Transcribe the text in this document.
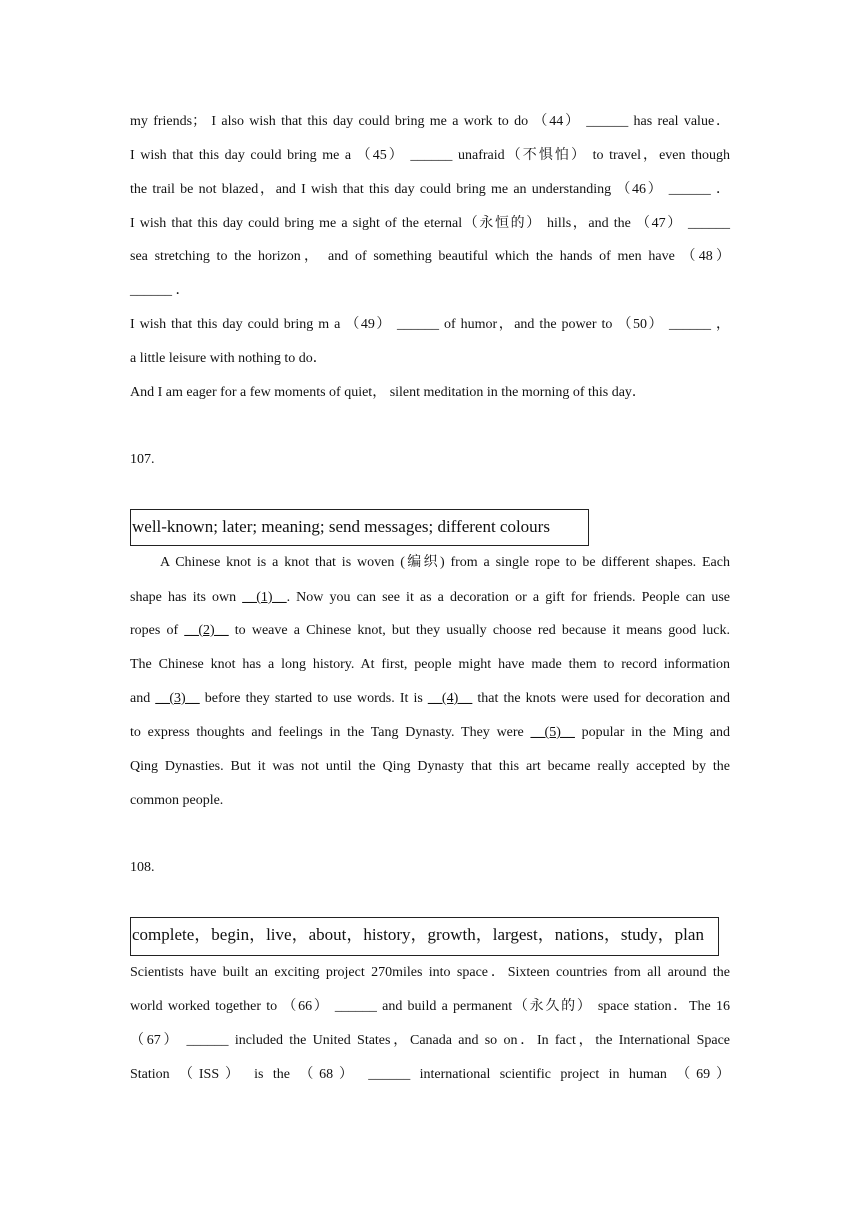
my friends； I also wish that this day could bring me a work to do （44） ______ has real value．
I wish that this day could bring me a （45） ______ unafraid（不惧怕） to travel，even though
the trail be not blazed，and I wish that this day could bring me an understanding （46） ______ ．
I wish that this day could bring me a sight of the eternal（永恒的） hills，and the （47） ______
sea stretching to the horizon， and of something beautiful which the hands of men have （48）
______ ．
I wish that this day could bring m a （49） ______ of humor，and the power to （50） ______ ，
a little leisure with nothing to do．
And I am eager for a few moments of quiet， silent meditation in the morning of this day．
107.
well-known; later; meaning; send messages; different colours
A Chinese knot is a knot that is woven (编织) from a single rope to be different shapes. Each
shape has its own __(1)__. Now you can see it as a decoration or a gift for friends. People can use
ropes of __(2)__ to weave a Chinese knot, but they usually choose red because it means good luck.
The Chinese knot has a long history. At first, people might have made them to record information
and __(3)__ before they started to use words. It is __(4)__ that the knots were used for decoration and
to express thoughts and feelings in the Tang Dynasty. They were __(5)__ popular in the Ming and
Qing Dynasties. But it was not until the Qing Dynasty that this art became really accepted by the
common people.
108.
complete，begin，live，about，history，growth，largest，nations，study，plan
Scientists have built an exciting project 270miles into space．Sixteen countries from all around the
world worked together to （66） ______ and build a permanent（永久的） space station．The 16
（67） ______ included the United States，Canada and so on．In fact，the International Space
Station （ISS） is the （68） ______ international scientific project in human （69）
